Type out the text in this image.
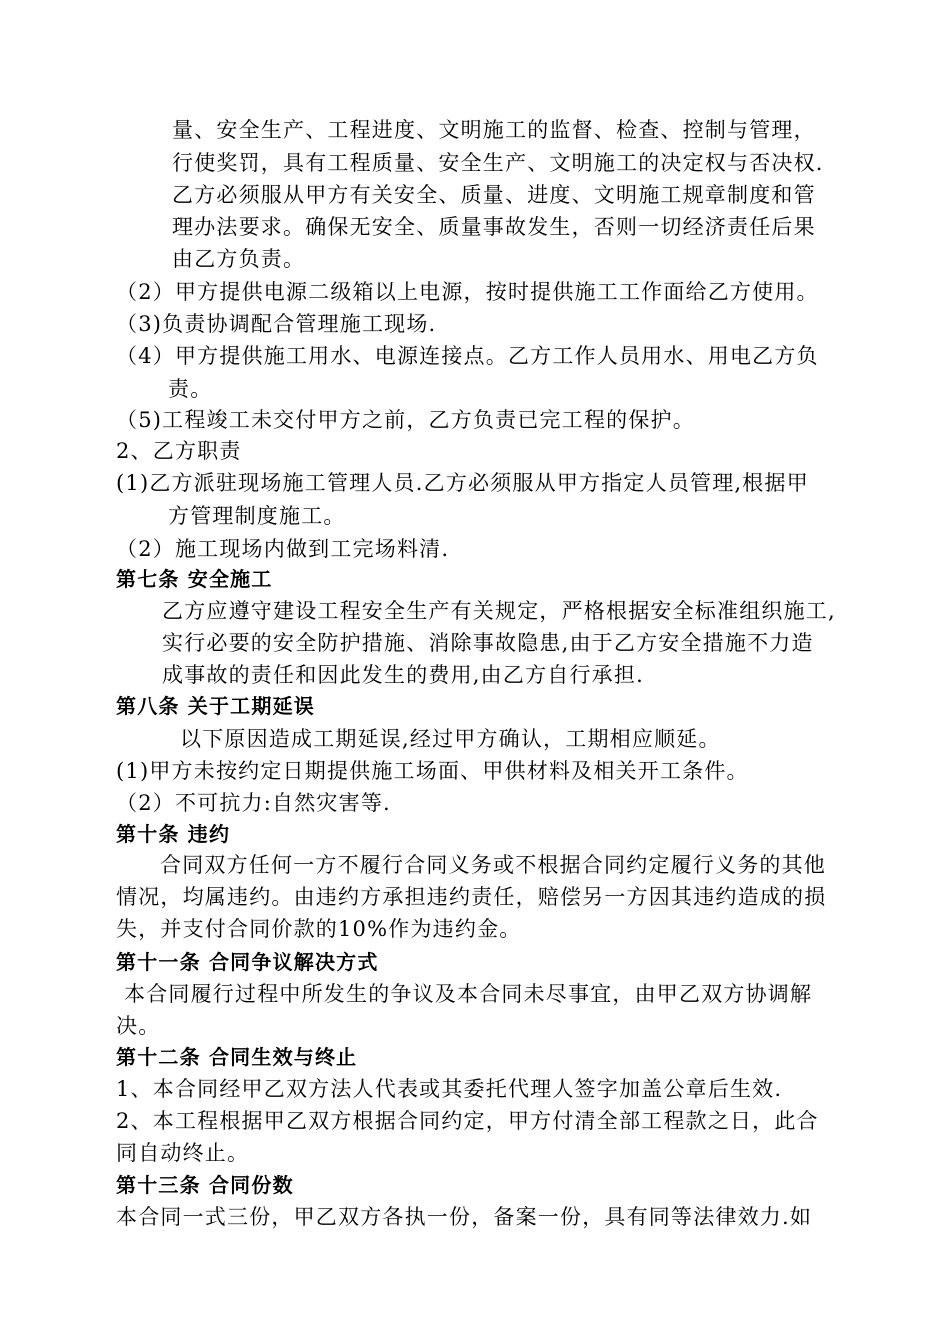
量、安全生产、工程进度、文明施工的监督、检查、控制与管理，
行使奖罚，具有工程质量、安全生产、文明施工的决定权与否决权.
乙方必须服从甲方有关安全、质量、进度、文明施工规章制度和管
理办法要求。确保无安全、质量事故发生，否则一切经济责任后果
由乙方负责。
（2）甲方提供电源二级箱以上电源，按时提供施工工作面给乙方使用。
（3)负责协调配合管理施工现场.
（4）甲方提供施工用水、电源连接点。乙方工作人员用水、用电乙方负
责。
（5)工程竣工未交付甲方之前，乙方负责已完工程的保护。
2、乙方职责
(1)乙方派驻现场施工管理人员.乙方必须服从甲方指定人员管理,根据甲
方管理制度施工。
（2）施工现场内做到工完场料清.
第七条 安全施工
乙方应遵守建设工程安全生产有关规定，严格根据安全标准组织施工,
实行必要的安全防护措施、消除事故隐患,由于乙方安全措施不力造
成事故的责任和因此发生的费用,由乙方自行承担.
第八条 关于工期延误
以下原因造成工期延误,经过甲方确认，工期相应顺延。
(1)甲方未按约定日期提供施工场面、甲供材料及相关开工条件。
（2）不可抗力:自然灾害等.
第十条 违约
合同双方任何一方不履行合同义务或不根据合同约定履行义务的其他
情况，均属违约。由违约方承担违约责任，赔偿另一方因其违约造成的损
失，并支付合同价款的10%作为违约金。
第十一条 合同争议解决方式
本合同履行过程中所发生的争议及本合同未尽事宜，由甲乙双方协调解
决。
第十二条 合同生效与终止
1、本合同经甲乙双方法人代表或其委托代理人签字加盖公章后生效.
2、本工程根据甲乙双方根据合同约定，甲方付清全部工程款之日，此合
同自动终止。
第十三条 合同份数
本合同一式三份，甲乙双方各执一份，备案一份，具有同等法律效力.如
